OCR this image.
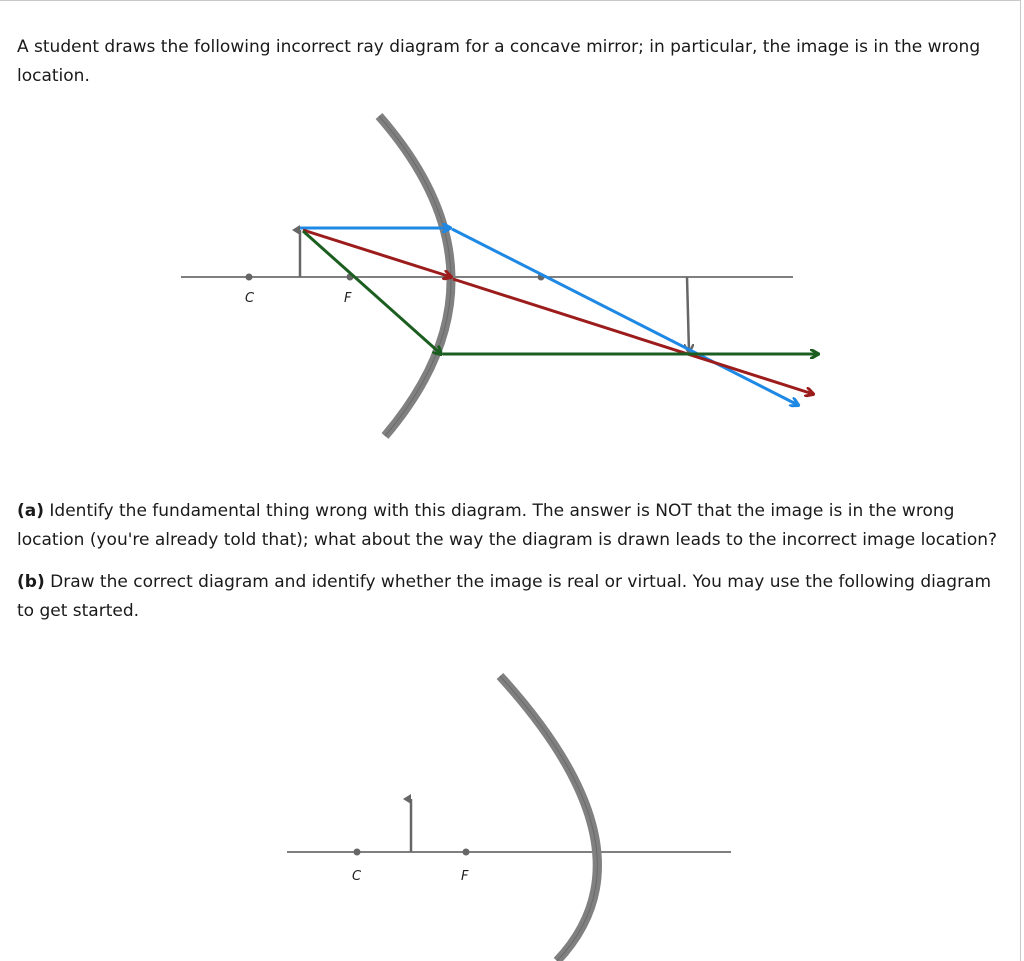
A student draws the following incorrect ray diagram for a concave mirror; in particular, the image is in the wrong location.

C	F

(a) Identify the fundamental thing wrong with this diagram. The answer is NOT that the image is in the wrong location (you're already told that); what about the way the diagram is drawn leads to the incorrect image location?

(b) Draw the correct diagram and identify whether the image is real or virtual. You may use the following diagram to get started.

C	F
